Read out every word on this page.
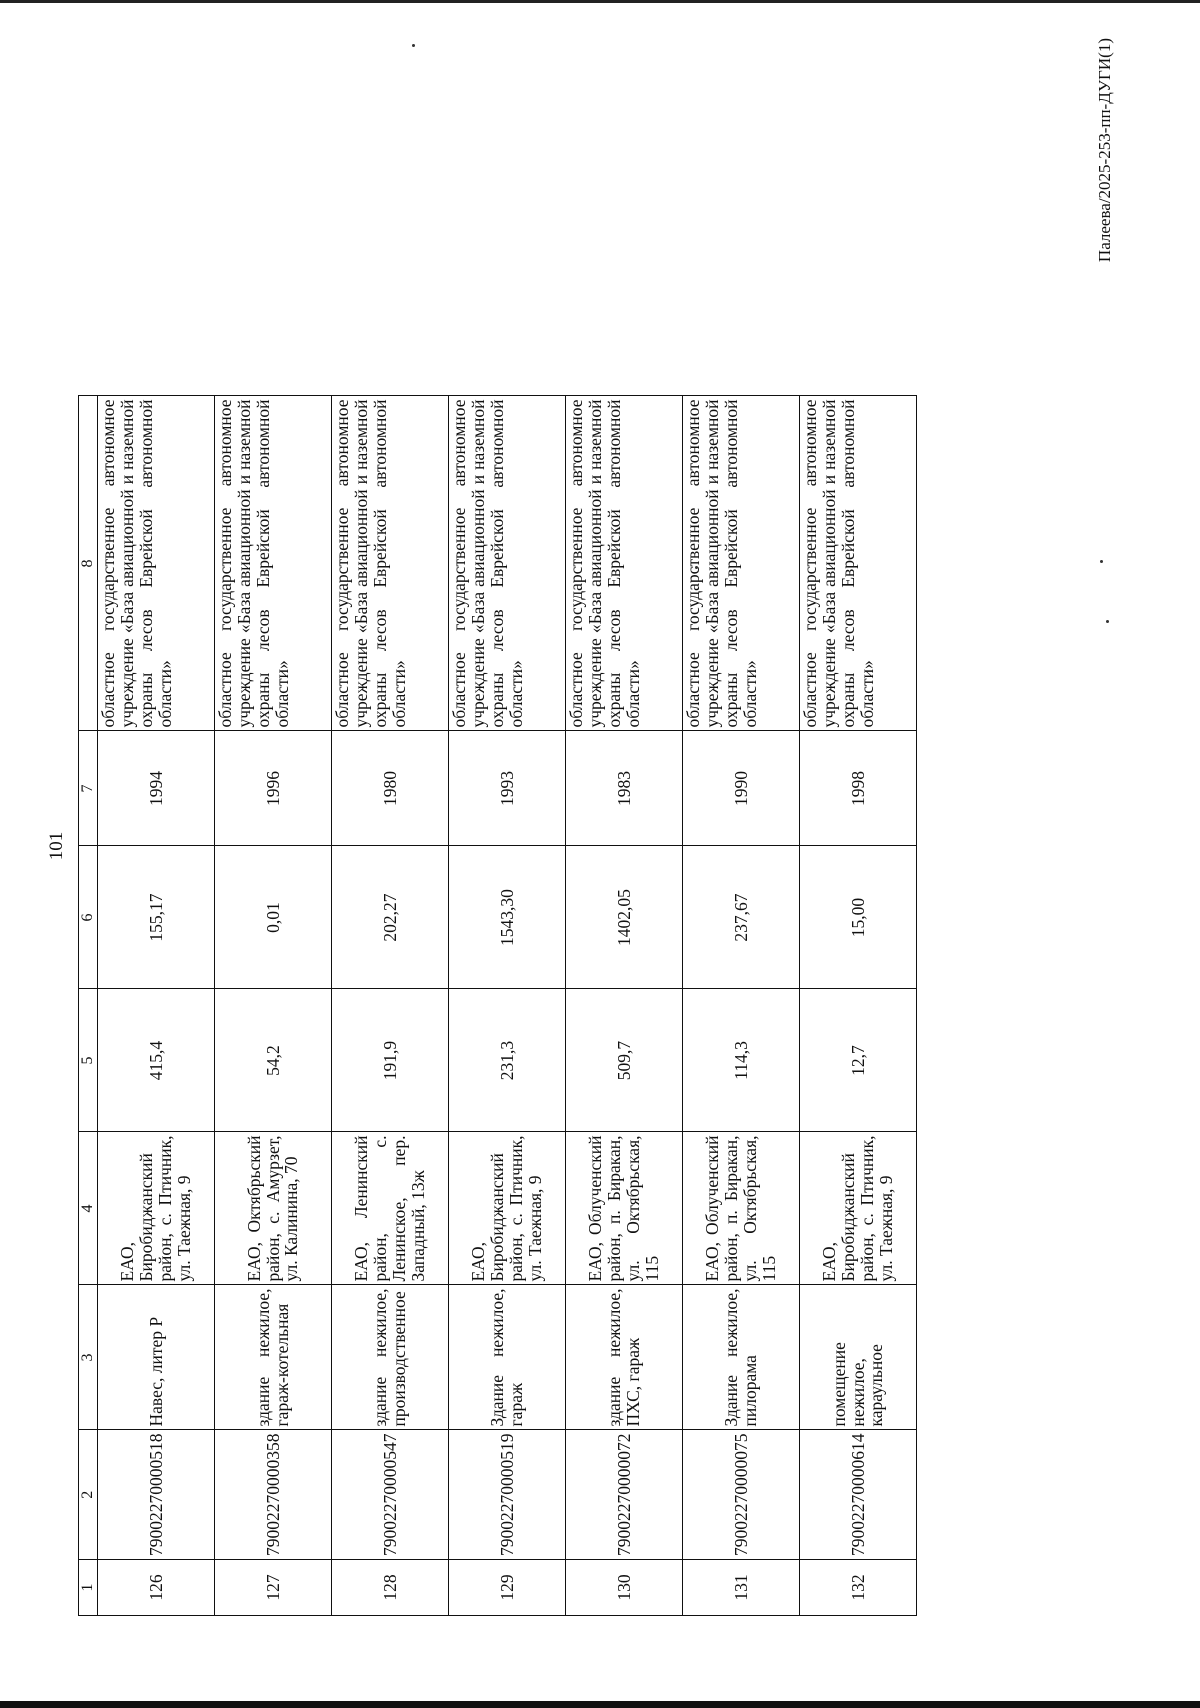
101
1	2	3	4	5	6	7	8
126	79002270000518	Навес, литер Р	ЕАО, Биробиджанский район, с. Птичник, ул. Таежная, 9	415,4	155,17	1994	областное государственное автономное учреждение «База авиационной и наземной охраны лесов Еврейской автономной области»
127	79002270000358	здание нежилое, гараж-котельная	ЕАО, Октябрьский район, с. Амурзет, ул. Калинина, 70	54,2	0,01	1996	областное государственное автономное учреждение «База авиационной и наземной охраны лесов Еврейской автономной области»
128	79002270000547	здание нежилое, производственное	ЕАО, Ленинский район, с. Ленинское, пер. Западный, 13ж	191,9	202,27	1980	областное государственное автономное учреждение «База авиационной и наземной охраны лесов Еврейской автономной области»
129	79002270000519	Здание нежилое, гараж	ЕАО, Биробиджанский район, с. Птичник, ул. Таежная, 9	231,3	1543,30	1993	областное государственное автономное учреждение «База авиационной и наземной охраны лесов Еврейской автономной области»
130	79002270000072	здание нежилое, ПХС, гараж	ЕАО, Облученский район, п. Биракан, ул. Октябрьская, 115	509,7	1402,05	1983	областное государственное автономное учреждение «База авиационной и наземной охраны лесов Еврейской автономной области»
131	79002270000075	Здание нежилое, пилорама	ЕАО, Облученский район, п. Биракан, ул. Октябрьская, 115	114,3	237,67	1990	областное государственное автономное учреждение «База авиационной и наземной охраны лесов Еврейской автономной области»
132	79002270000614	помещение нежилое, караульное	ЕАО, Биробиджанский район, с. Птичник, ул. Таежная, 9	12,7	15,00	1998	областное государственное автономное учреждение «База авиационной и наземной охраны лесов Еврейской автономной области»
Палеева/2025-253-пп-ДУГИ(1)
